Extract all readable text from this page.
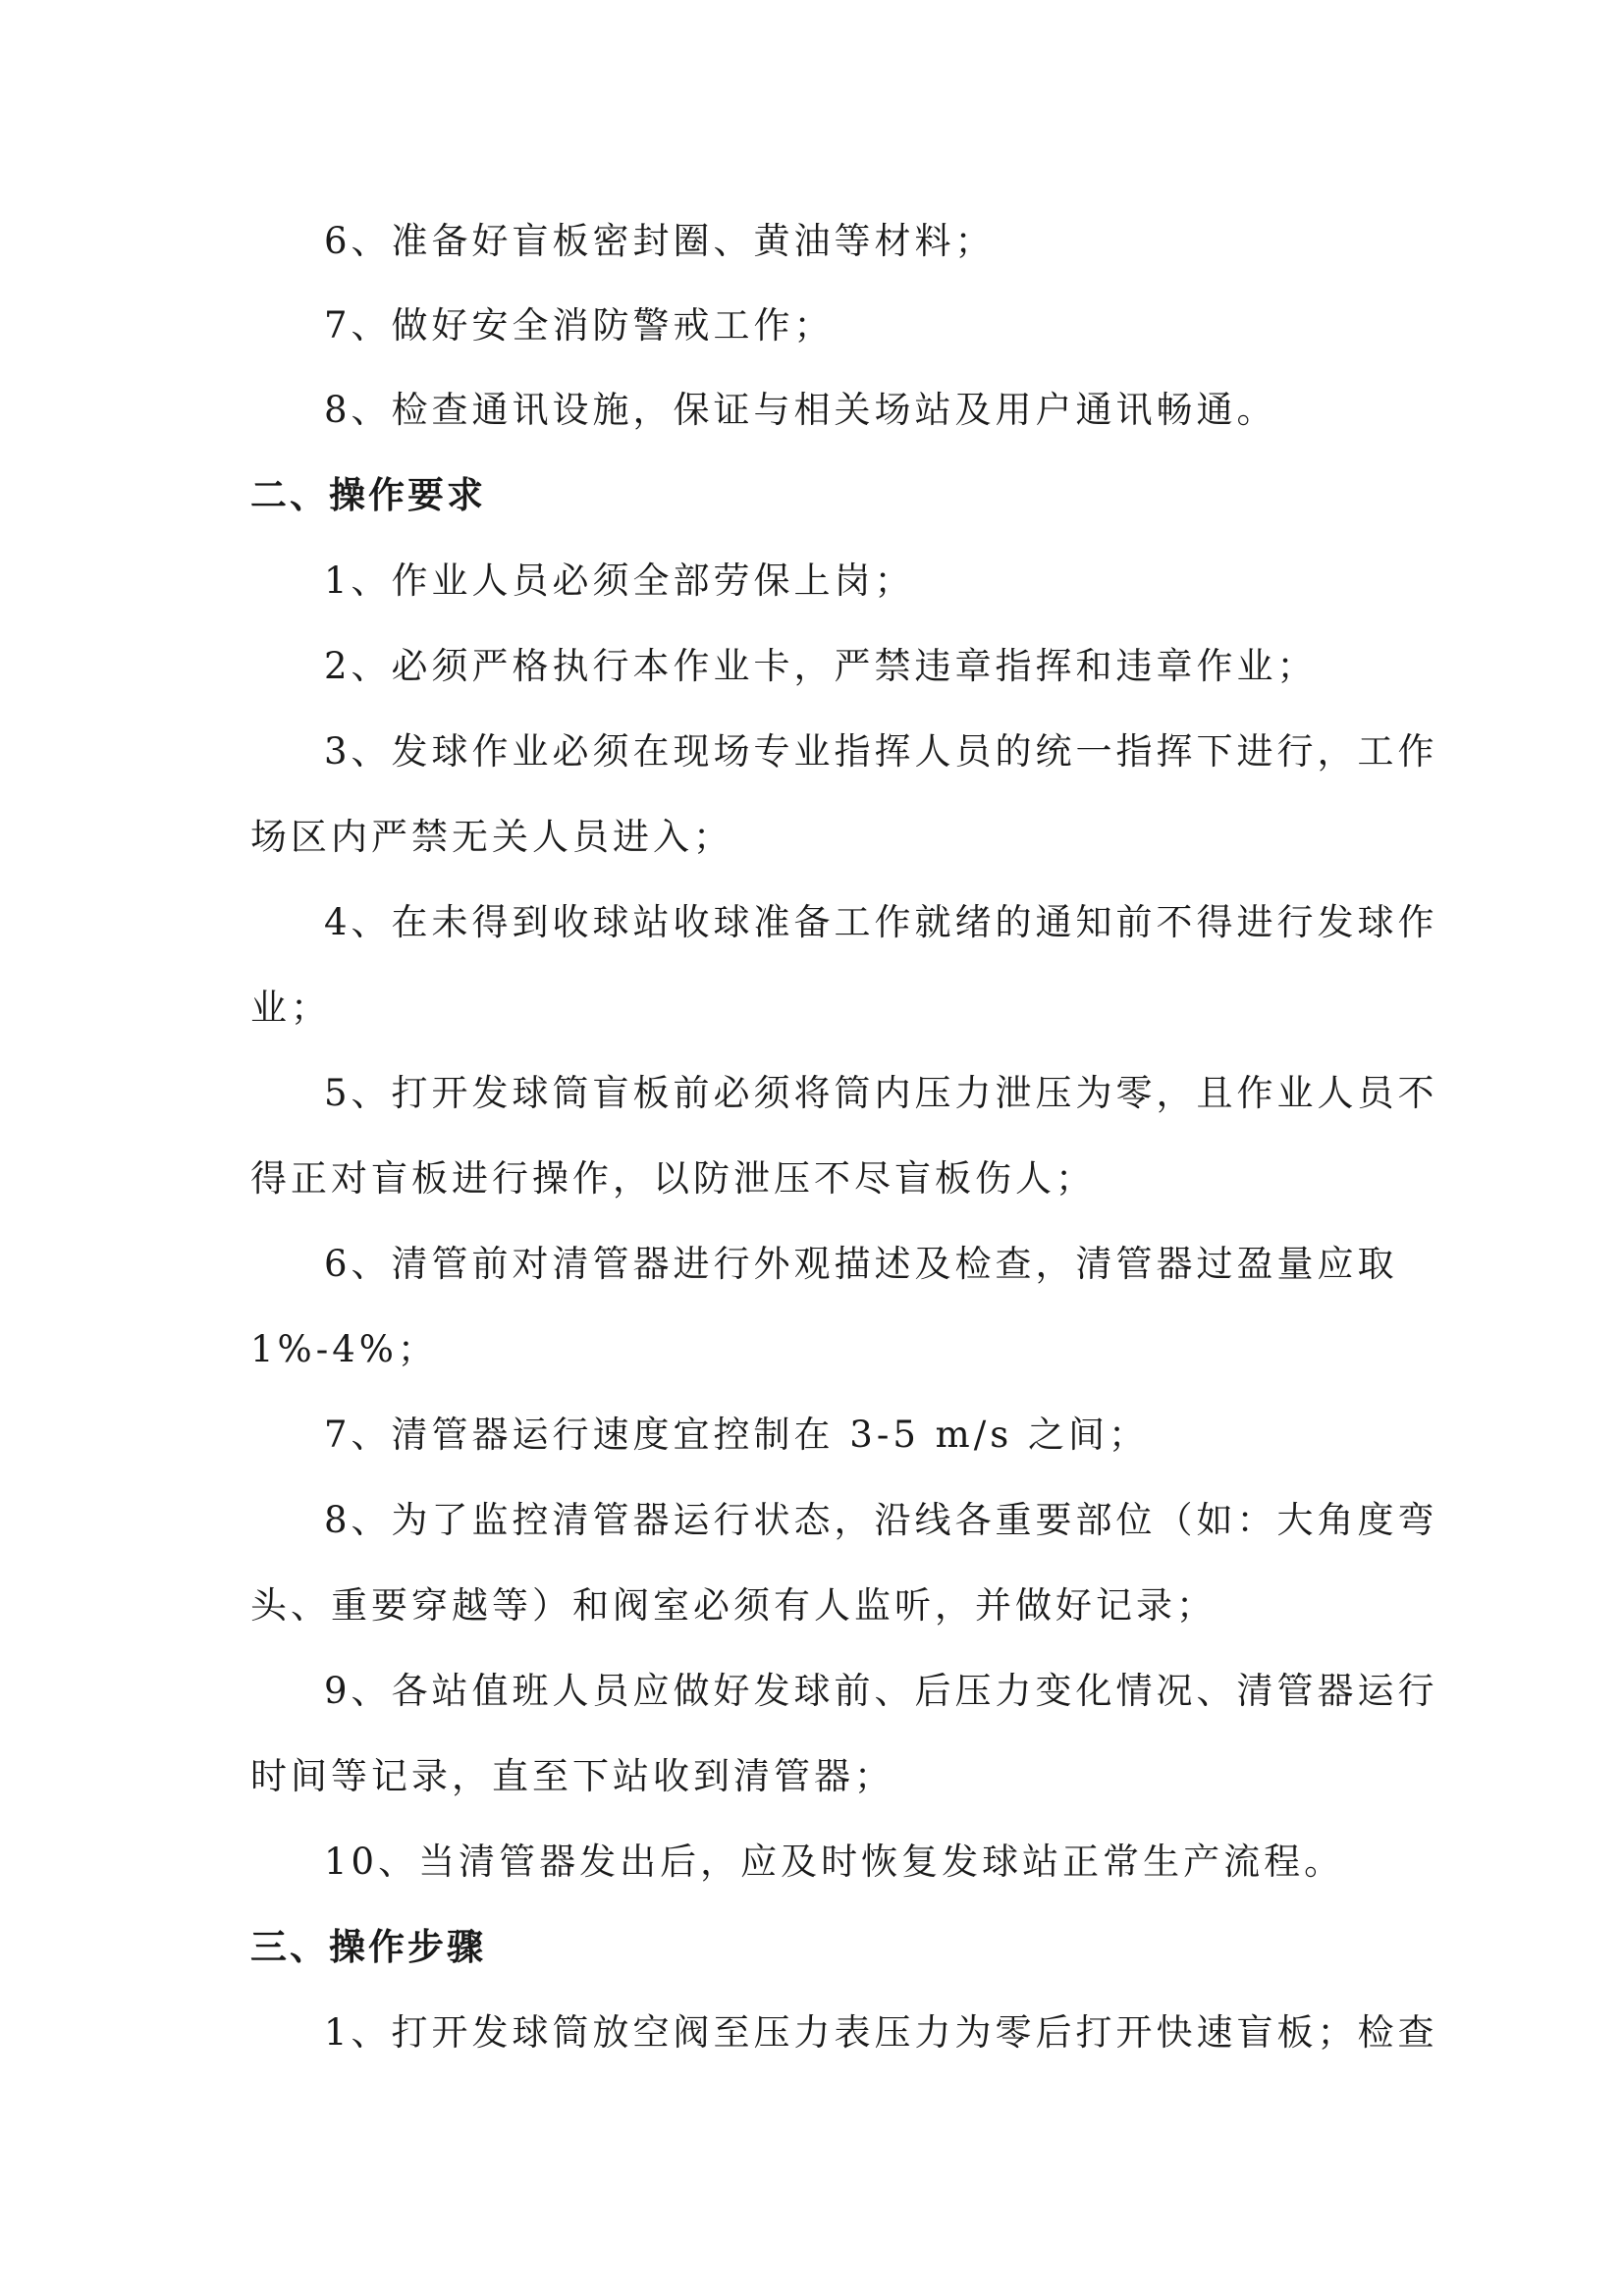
6、准备好盲板密封圈、黄油等材料；
7、做好安全消防警戒工作；
8、检查通讯设施，保证与相关场站及用户通讯畅通。
二、操作要求
1、作业人员必须全部劳保上岗；
2、必须严格执行本作业卡，严禁违章指挥和违章作业；
3、发球作业必须在现场专业指挥人员的统一指挥下进行，工作
场区内严禁无关人员进入；
4、在未得到收球站收球准备工作就绪的通知前不得进行发球作
业；
5、打开发球筒盲板前必须将筒内压力泄压为零，且作业人员不
得正对盲板进行操作，以防泄压不尽盲板伤人；
6、清管前对清管器进行外观描述及检查，清管器过盈量应取
1%-4%；
7、清管器运行速度宜控制在 3-5 m/s 之间；
8、为了监控清管器运行状态，沿线各重要部位（如：大角度弯
头、重要穿越等）和阀室必须有人监听，并做好记录；
9、各站值班人员应做好发球前、后压力变化情况、清管器运行
时间等记录，直至下站收到清管器；
10、当清管器发出后，应及时恢复发球站正常生产流程。
三、操作步骤
1、打开发球筒放空阀至压力表压力为零后打开快速盲板；检查
